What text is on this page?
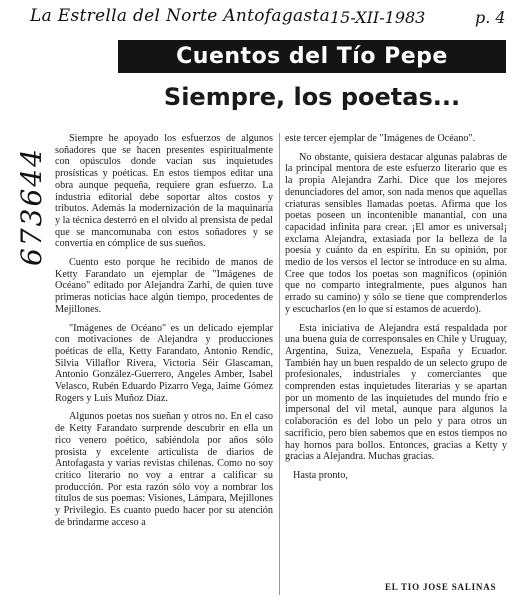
La Estrella del Norte Antofagasta 15-XII-1983	p. 4
673644
Cuentos del Tío Pepe
Siempre, los poetas...

Siempre he apoyado los esfuerzos de algunos soñadores que se hacen presentes espiritualmente con opúsculos donde vacían sus inquietudes prosísticas y poéticas. En estos tiempos editar una obra aunque pequeña, requiere gran esfuerzo. La industria editorial debe soportar altos costos y tributos. Además la modernización de la maquinaria y la técnica desterró en el olvido al prensista de pedal que se mancomunaba con estos soñadores y se convertía en cómplice de sus sueños.

Cuento esto porque he recibido de manos de Ketty Farandato un ejemplar de "Imágenes de Océano" editado por Alejandra Zarhi, de quien tuve primeras noticias hace algún tiempo, procedentes de Mejillones.

"Imágenes de Océano" es un delicado ejemplar con motivaciones de Alejandra y producciones poéticas de ella, Ketty Farandato, Antonio Rendic, Silvia Villaflor Rivera, Victoria Séir Glascaman, Antonio González-Guerrero, Angeles Amber, Isabel Velasco, Rubén Eduardo Pizarro Vega, Jaime Gómez Rogers y Luis Muñoz Díaz.

Algunos poetas nos sueñan y otros no. En el caso de Ketty Farandato surprende descubrir en ella un rico venero poético, sabiéndola por años sólo prosista y excelente articulista de diarios de Antofagasta y varias revistas chilenas. Como no soy crítico literario no voy a entrar a calificar su producción. Por esta razón sólo voy a nombrar los títulos de sus poemas: Visiones, Lámpara, Mejillones y Privilegio. Es cuanto puedo hacer por su atención de brindarme acceso a

este tercer ejemplar de "Imágenes de Océano".

No obstante, quisiera destacar algunas palabras de la principal mentora de este esfuerzo literario que es la propia Alejandra Zarhi. Dice que los mejores denunciadores del amor, son nada menos que aquellas criaturas sensibles llamadas poetas. Afirma que los poetas poseen un inconteniblе manantial, con una capacidad infinita para crear. ¡El amor es universal¡ exclama Alejandra, extasiada por la belleza de la poesía y cuánto da en espíritu. En su opinión, por medio de los versos el lector se introduce en su alma. Cree que todos los poetas son magníficos (opinión que no comparto integralmente, pues algunos han errado su camino) y sólo se tiene que comprenderlos y escucharlos (en lo que sí estamos de acuerdo).

Esta iniciativa de Alejandra está respaldada por una buena guía de corresponsales en Chile y Uruguay, Argentina, Suiza, Venezuela, España y Ecuador. También hay un buen respaldo de un selecto grupo de profesionales, industriales y comerciantes que comprenden estas inquietudes literarias y se apartan por un momento de las inquietudes del mundo frío e impersonal del vil metal, aunque para algunos la colaboración es del lobo un pelo y para otros un sacrificio, pero bien sabemos que en estos tiempos no hay hornos para bollos. Entonces, gracias a Ketty y gracias a Alejandra. Muchas gracias.

Hasta pronto,

EL TIO JOSE SALINAS
